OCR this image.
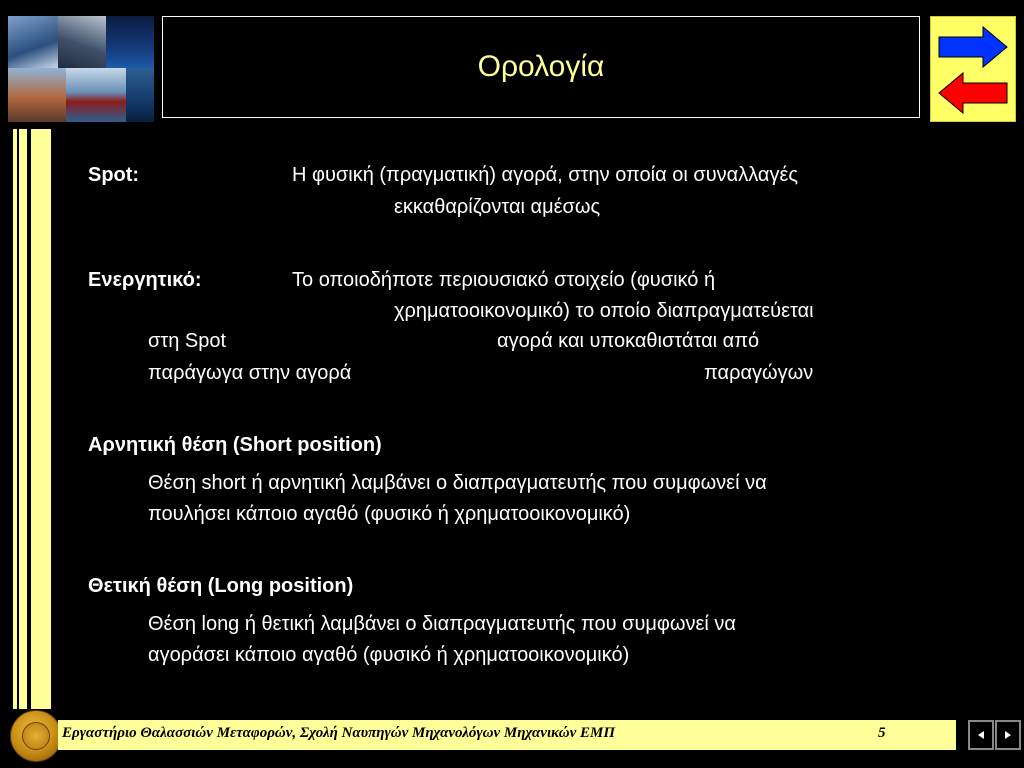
Ορολογία
Spot:	Η φυσική (πραγματική) αγορά, στην οποία οι συναλλαγές
εκκαθαρίζονται αμέσως
Ενεργητικό:	Το οποιοδήποτε περιουσιακό στοιχείο (φυσικό ή
χρηματοοικονομικό) το οποίο διαπραγματεύεται
στη Spot	αγορά και υποκαθιστάται από
παράγωγα στην αγορά	παραγώγων
Αρνητική θέση (Short position)
Θέση short ή αρνητική λαμβάνει ο διαπραγματευτής που συμφωνεί να
πουλήσει κάποιο αγαθό (φυσικό ή χρηματοοικονομικό)
Θετική θέση (Long position)
Θέση long ή θετική λαμβάνει ο διαπραγματευτής που συμφωνεί να
αγοράσει κάποιο αγαθό (φυσικό ή χρηματοοικονομικό)
Εργαστήριο Θαλασσιών Μεταφορών, Σχολή Ναυπηγών Μηχανολόγων Μηχανικών ΕΜΠ	5
